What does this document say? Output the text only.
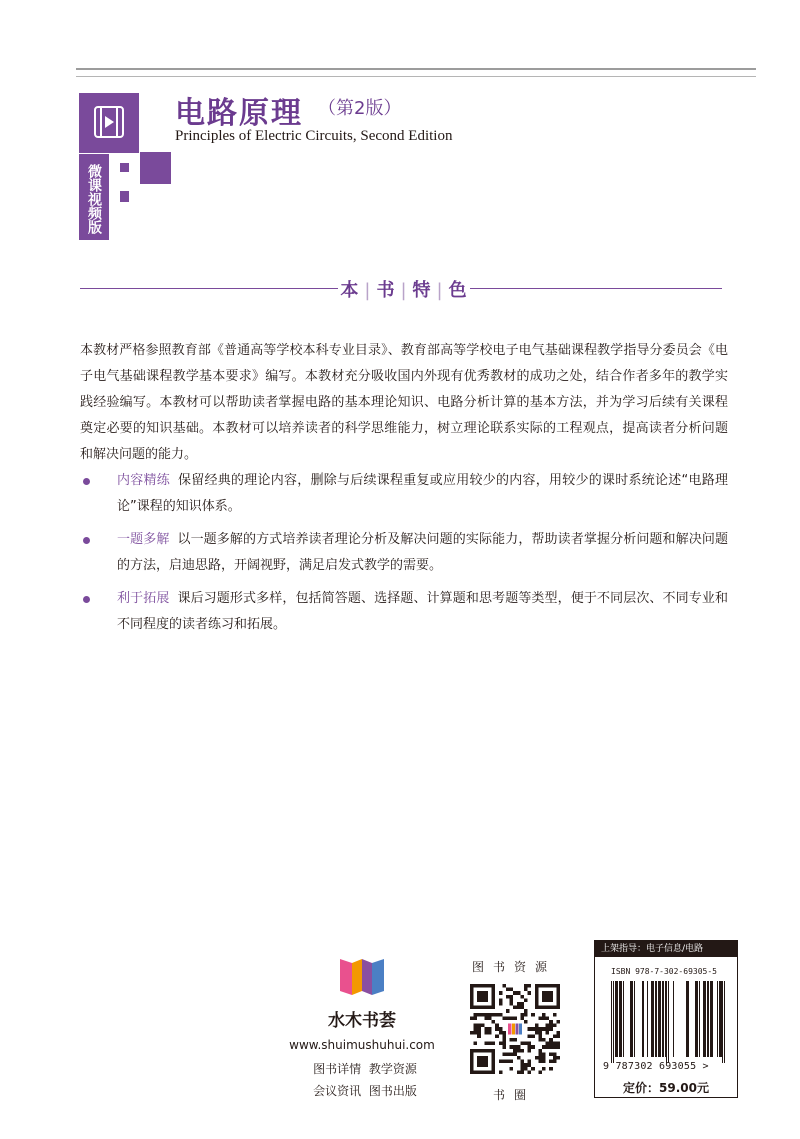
微课视频版
电路原理 （第2版）
Principles of Electric Circuits, Second Edition
本 | 书 | 特 | 色

本教材严格参照教育部《普通高等学校本科专业目录》、教育部高等学校电子电气基础课程教学指导分委员会《电子电气基础课程教学基本要求》编写。本教材充分吸收国内外现有优秀教材的成功之处，结合作者多年的教学实践经验编写。本教材可以帮助读者掌握电路的基本理论知识、电路分析计算的基本方法，并为学习后续有关课程奠定必要的知识基础。本教材可以培养读者的科学思维能力，树立理论联系实际的工程观点，提高读者分析问题和解决问题的能力。

内容精练 保留经典的理论内容，删除与后续课程重复或应用较少的内容，用较少的课时系统论述“电路理论”课程的知识体系。
一题多解 以一题多解的方式培养读者理论分析及解决问题的实际能力，帮助读者掌握分析问题和解决问题的方法，启迪思路，开阔视野，满足启发式教学的需要。
利于拓展 课后习题形式多样，包括简答题、选择题、计算题和思考题等类型，便于不同层次、不同专业和不同程度的读者练习和拓展。
水木书荟
www.shuimushuhui.com
图书详情 教学资源
会议资讯 图书出版
图书资源
书圈
上架指导：电子信息/电路
ISBN 978-7-302-69305-5
9 787302 693055 >
定价：59.00元
